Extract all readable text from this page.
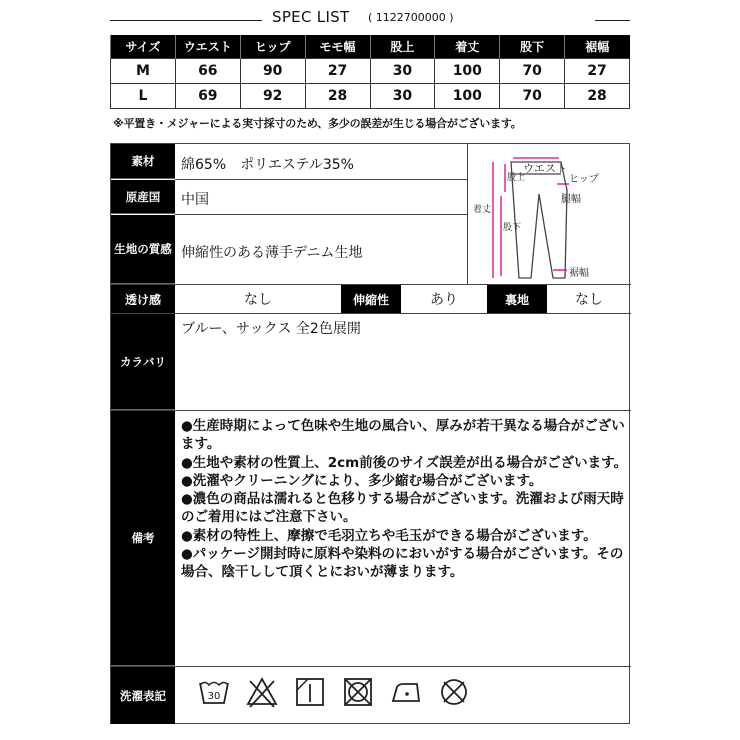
SPEC LIST ( 1122700000 )
サイズ	ウエスト	ヒップ	モモ幅	股上	着丈	股下	裾幅
M	66	90	27	30	100	70	27
L	69	92	28	30	100	70	28
※平置き・メジャーによる実寸採寸のため、多少の誤差が生じる場合がございます。
素材	綿65%　ポリエステル35%
原産国	中国
生地の質感 伸縮性のある薄手デニム生地
ウエスト
ヒップ
腿幅
股上
着丈
股下
裾幅
透け感	なし	伸縮性	あり	裏地	なし
カラバリ
ブルー、サックス 全2色展開
備考
●生産時期によって色味や生地の風合い、厚みが若干異なる場合がございます。
●生地や素材の性質上、2cm前後のサイズ誤差が出る場合がございます。
●洗濯やクリーニングにより、多少縮む場合がございます。
●濃色の商品は濡れると色移りする場合がございます。洗濯および雨天時のご着用にはご注意下さい。
●素材の特性上、摩擦で毛羽立ちや毛玉ができる場合がございます。
●パッケージ開封時に原料や染料のにおいがする場合がございます。その場合、陰干しして頂くとにおいが薄まります。
洗濯表記	30
